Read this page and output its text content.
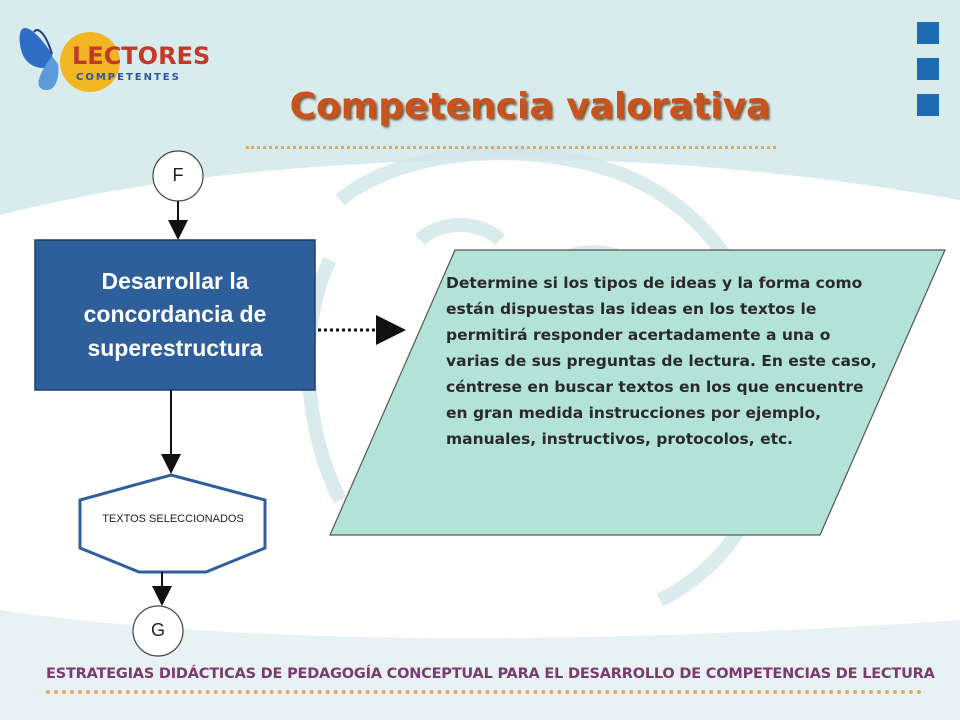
LECTORES
COMPETENTES
Competencia valorativa
F
Desarrollar la concordancia de superestructura
TEXTOS SELECCIONADOS
G
Determine si los tipos de ideas y la forma como están dispuestas las ideas en los textos le permitirá responder acertadamente a una o varias de sus preguntas de lectura. En este caso, céntrese en buscar textos en los que encuentre en gran medida instrucciones por ejemplo, manuales, instructivos, protocolos, etc.
ESTRATEGIAS DIDÁCTICAS DE PEDAGOGÍA CONCEPTUAL PARA EL DESARROLLO DE COMPETENCIAS DE LECTURA
